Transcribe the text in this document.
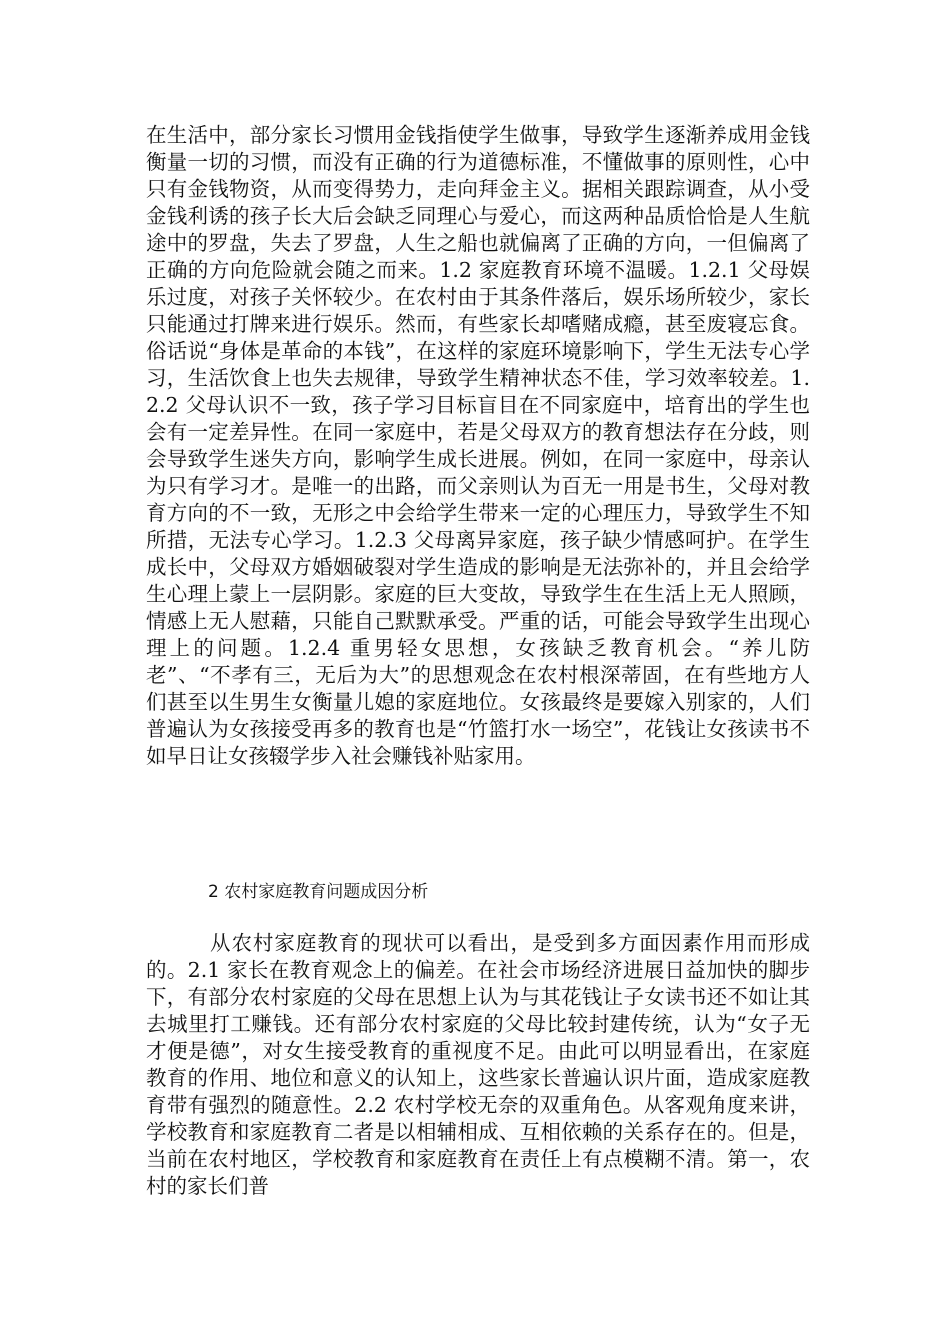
在生活中，部分家长习惯用金钱指使学生做事，导致学生逐渐养成用金钱衡量一切的习惯，而没有正确的行为道德标准，不懂做事的原则性，心中只有金钱物资，从而变得势力，走向拜金主义。据相关跟踪调查，从小受金钱利诱的孩子长大后会缺乏同理心与爱心，而这两种品质恰恰是人生航途中的罗盘，失去了罗盘，人生之船也就偏离了正确的方向，一但偏离了正确的方向危险就会随之而来。1.2 家庭教育环境不温暖。1.2.1 父母娱乐过度，对孩子关怀较少。在农村由于其条件落后，娱乐场所较少，家长只能通过打牌来进行娱乐。然而，有些家长却嗜赌成瘾，甚至废寝忘食。俗话说“身体是革命的本钱”，在这样的家庭环境影响下，学生无法专心学习，生活饮食上也失去规律，导致学生精神状态不佳，学习效率较差。1.2.2 父母认识不一致，孩子学习目标盲目在不同家庭中，培育出的学生也会有一定差异性。在同一家庭中，若是父母双方的教育想法存在分歧，则会导致学生迷失方向，影响学生成长进展。例如，在同一家庭中，母亲认为只有学习才。是唯一的出路，而父亲则认为百无一用是书生，父母对教育方向的不一致，无形之中会给学生带来一定的心理压力，导致学生不知所措，无法专心学习。1.2.3 父母离异家庭，孩子缺少情感呵护。在学生成长中，父母双方婚姻破裂对学生造成的影响是无法弥补的，并且会给学生心理上蒙上一层阴影。家庭的巨大变故，导致学生在生活上无人照顾，情感上无人慰藉，只能自己默默承受。严重的话，可能会导致学生出现心理上的问题。1.2.4 重男轻女思想，女孩缺乏教育机会。“养儿防老”、“不孝有三，无后为大”的思想观念在农村根深蒂固，在有些地方人们甚至以生男生女衡量儿媳的家庭地位。女孩最终是要嫁入别家的，人们普遍认为女孩接受再多的教育也是“竹篮打水一场空”，花钱让女孩读书不如早日让女孩辍学步入社会赚钱补贴家用。
2 农村家庭教育问题成因分析
从农村家庭教育的现状可以看出，是受到多方面因素作用而形成的。2.1 家长在教育观念上的偏差。在社会市场经济进展日益加快的脚步下，有部分农村家庭的父母在思想上认为与其花钱让子女读书还不如让其去城里打工赚钱。还有部分农村家庭的父母比较封建传统，认为“女子无才便是德”，对女生接受教育的重视度不足。由此可以明显看出，在家庭教育的作用、地位和意义的认知上，这些家长普遍认识片面，造成家庭教育带有强烈的随意性。2.2 农村学校无奈的双重角色。从客观角度来讲，学校教育和家庭教育二者是以相辅相成、互相依赖的关系存在的。但是，当前在农村地区，学校教育和家庭教育在责任上有点模糊不清。第一，农村的家长们普
